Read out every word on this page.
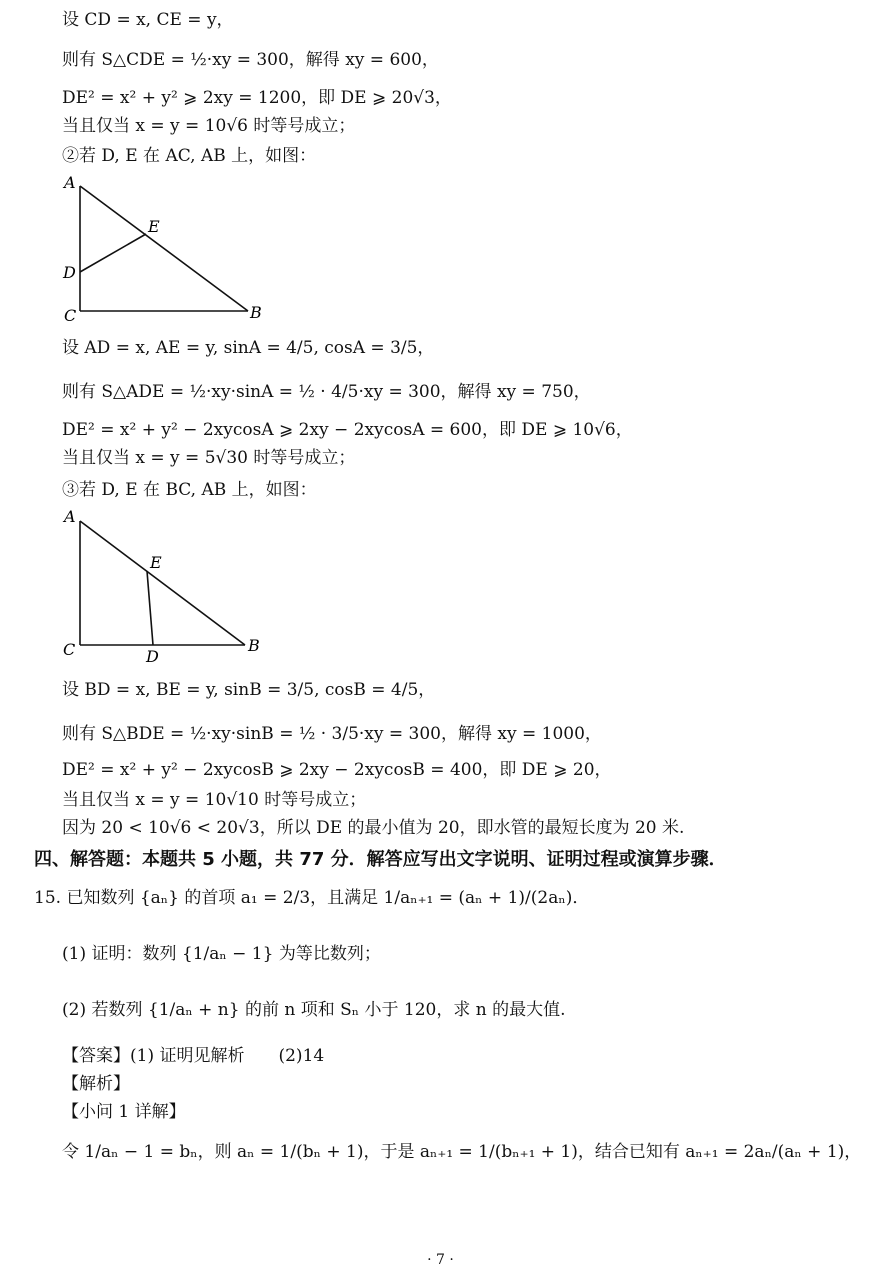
设 CD = x, CE = y，
则有 S△CDE = ½·xy = 300，解得 xy = 600，
DE² = x² + y² ⩾ 2xy = 1200，即 DE ⩾ 20√3，
当且仅当 x = y = 10√6 时等号成立；
②若 D, E 在 AC, AB 上，如图：
A
E
D
C	B
设 AD = x, AE = y, sinA = 4/5, cosA = 3/5，
则有 S△ADE = ½·xy·sinA = ½ · 4/5·xy = 300，解得 xy = 750，
DE² = x² + y² − 2xycosA ⩾ 2xy − 2xycosA = 600，即 DE ⩾ 10√6，
当且仅当 x = y = 5√30 时等号成立；
③若 D, E 在 BC, AB 上，如图：
A
E
C	D
B
设 BD = x, BE = y, sinB = 3/5, cosB = 4/5，
则有 S△BDE = ½·xy·sinB = ½ · 3/5·xy = 300，解得 xy = 1000，
DE² = x² + y² − 2xycosB ⩾ 2xy − 2xycosB = 400，即 DE ⩾ 20，
当且仅当 x = y = 10√10 时等号成立；
因为 20 < 10√6 < 20√3，所以 DE 的最小值为 20，即水管的最短长度为 20 米.
四、解答题：本题共 5 小题，共 77 分．解答应写出文字说明、证明过程或演算步骤．
15. 已知数列 {aₙ} 的首项 a₁ = 2/3，且满足 1/aₙ₊₁ = (aₙ + 1)/(2aₙ)．
(1) 证明：数列 {1/aₙ − 1} 为等比数列；
(2) 若数列 {1/aₙ + n} 的前 n 项和 Sₙ 小于 120，求 n 的最大值.
【答案】(1) 证明见解析　　(2)14
【解析】
【小问 1 详解】
令 1/aₙ − 1 = bₙ，则 aₙ = 1/(bₙ + 1)，于是 aₙ₊₁ = 1/(bₙ₊₁ + 1)，结合已知有 aₙ₊₁ = 2aₙ/(aₙ + 1)，
· 7 ·
